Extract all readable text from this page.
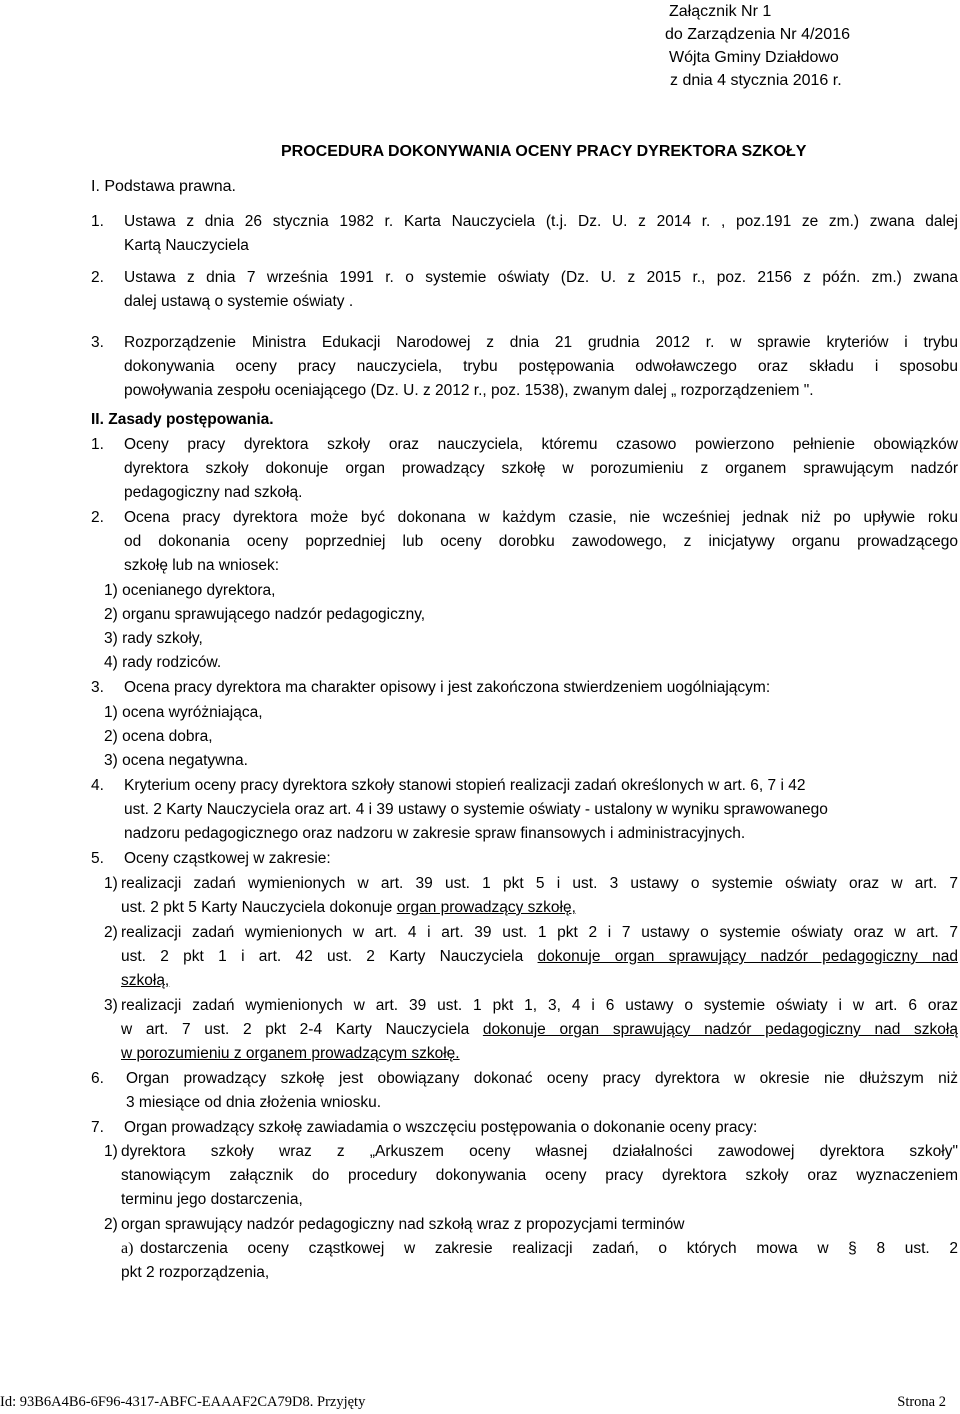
Załącznik Nr 1
do Zarządzenia Nr 4/2016
Wójta Gminy Działdowo
z dnia 4 stycznia 2016 r.
PROCEDURA DOKONYWANIA OCENY PRACY DYREKTORA SZKOŁY
I. Podstawa prawna.
1. Ustawa z dnia 26 stycznia 1982 r. Karta Nauczyciela (t.j. Dz. U. z 2014 r. , poz.191 ze zm.) zwana dalej
Kartą Nauczyciela
2. Ustawa z dnia 7 września 1991 r. o systemie oświaty (Dz. U. z 2015 r., poz. 2156 z późn. zm.) zwana
dalej ustawą o systemie oświaty .
3. Rozporządzenie Ministra Edukacji Narodowej z dnia 21 grudnia 2012 r. w sprawie kryteriów i trybu
dokonywania oceny pracy nauczyciela, trybu postępowania odwoławczego oraz składu i sposobu
powoływania zespołu oceniającego (Dz. U. z 2012 r., poz. 1538), zwanym dalej „ rozporządzeniem ".
II. Zasady postępowania.
1. Oceny pracy dyrektora szkoły oraz nauczyciela, któremu czasowo powierzono pełnienie obowiązków
dyrektora szkoły dokonuje organ prowadzący szkołę w porozumieniu z organem sprawującym nadzór
pedagogiczny nad szkołą.
2. Ocena pracy dyrektora może być dokonana w każdym czasie, nie wcześniej jednak niż po upływie roku
od dokonania oceny poprzedniej lub oceny dorobku zawodowego, z inicjatywy organu prowadzącego
szkołę lub na wniosek:
1) ocenianego dyrektora,
2) organu sprawującego nadzór pedagogiczny,
3) rady szkoły,
4) rady rodziców.
3. Ocena pracy dyrektora ma charakter opisowy i jest zakończona stwierdzeniem uogólniającym:
1) ocena wyróżniająca,
2) ocena dobra,
3) ocena negatywna.
4. Kryterium oceny pracy dyrektora szkoły stanowi stopień realizacji zadań określonych w art. 6, 7 i 42
ust. 2 Karty Nauczyciela oraz art. 4 i 39 ustawy o systemie oświaty - ustalony w wyniku sprawowanego
nadzoru pedagogicznego oraz nadzoru w zakresie spraw finansowych i administracyjnych.
5. Oceny cząstkowej w zakresie:
1) realizacji zadań wymienionych w art. 39 ust. 1 pkt 5 i ust. 3 ustawy o systemie oświaty oraz w art. 7
ust. 2 pkt 5 Karty Nauczyciela dokonuje organ prowadzący szkołę,
2) realizacji zadań wymienionych w art. 4 i art. 39 ust. 1 pkt 2 i 7 ustawy o systemie oświaty oraz w art. 7
ust. 2 pkt 1 i art. 42 ust. 2 Karty Nauczyciela dokonuje organ sprawujący nadzór pedagogiczny nad
szkołą,
3) realizacji zadań wymienionych w art. 39 ust. 1 pkt 1, 3, 4 i 6 ustawy o systemie oświaty i w art. 6 oraz
w art. 7 ust. 2 pkt 2-4 Karty Nauczyciela dokonuje organ sprawujący nadzór pedagogiczny nad szkołą
w porozumieniu z organem prowadzącym szkołę.
6. Organ prowadzący szkołę jest obowiązany dokonać oceny pracy dyrektora w okresie nie dłuższym niż
3 miesiące od dnia złożenia wniosku.
7. Organ prowadzący szkołę zawiadamia o wszczęciu postępowania o dokonanie oceny pracy:
1) dyrektora szkoły wraz z „Arkuszem oceny własnej działalności zawodowej dyrektora szkoły"
stanowiącym załącznik do procedury dokonywania oceny pracy dyrektora szkoły oraz wyznaczeniem
terminu jego dostarczenia,
2) organ sprawujący nadzór pedagogiczny nad szkołą wraz z propozycjami terminów
a) dostarczenia oceny cząstkowej w zakresie realizacji zadań, o których mowa w § 8 ust. 2
pkt 2 rozporządzenia,
Id: 93B6A4B6-6F96-4317-ABFC-EAAAF2CA79D8. Przyjęty	Strona 2
